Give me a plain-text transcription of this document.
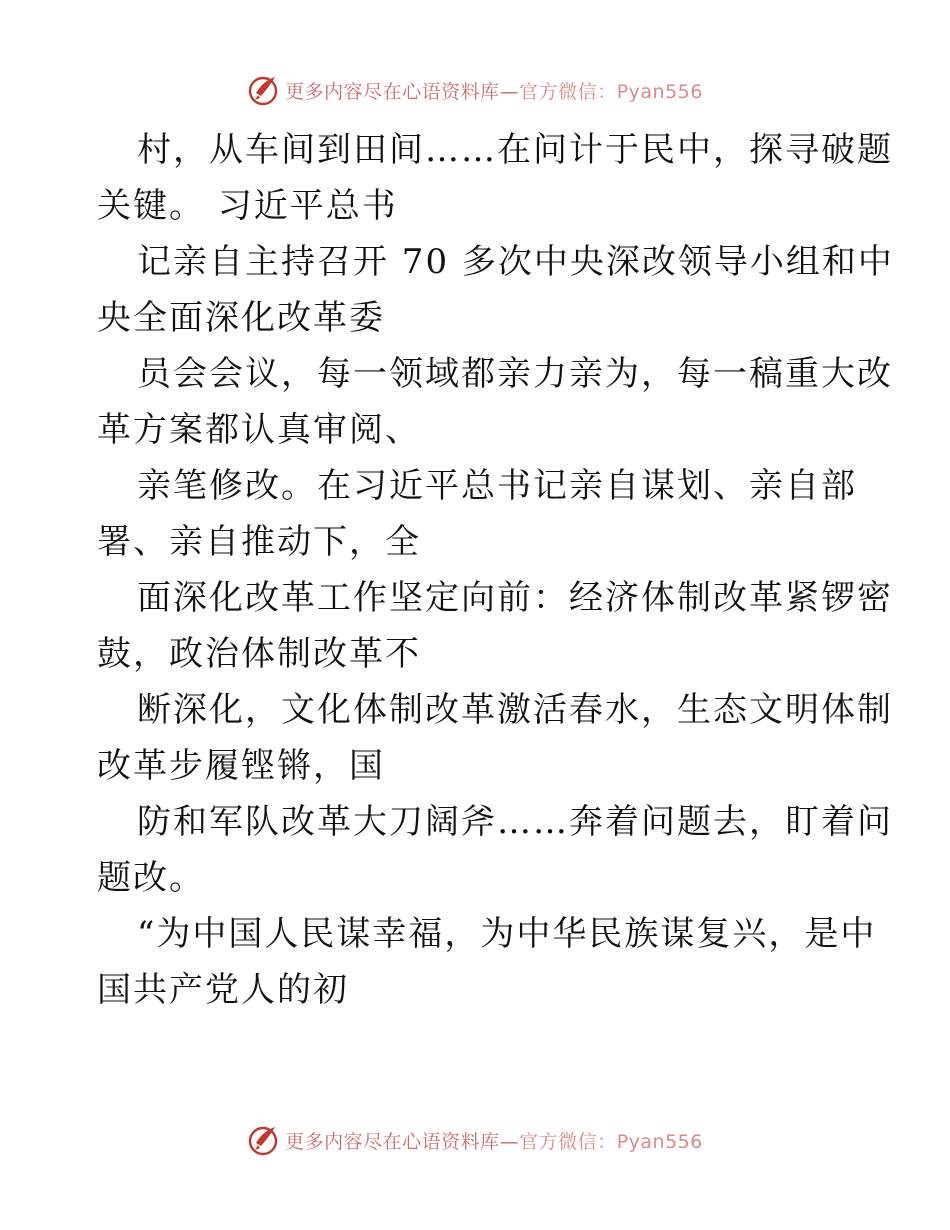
更多内容尽在心语资料库—官方微信：Pyan556
村，从车间到田间……在问计于民中，探寻破题
关键。 习近平总书
记亲自主持召开 70 多次中央深改领导小组和中
央全面深化改革委
员会会议，每一领域都亲力亲为，每一稿重大改
革方案都认真审阅、
亲笔修改。在习近平总书记亲自谋划、亲自部
署、亲自推动下，全
面深化改革工作坚定向前：经济体制改革紧锣密
鼓，政治体制改革不
断深化，文化体制改革激活春水，生态文明体制
改革步履铿锵，国
防和军队改革大刀阔斧……奔着问题去，盯着问
题改。
“为中国人民谋幸福，为中华民族谋复兴，是中
国共产党人的初
更多内容尽在心语资料库—官方微信：Pyan556
